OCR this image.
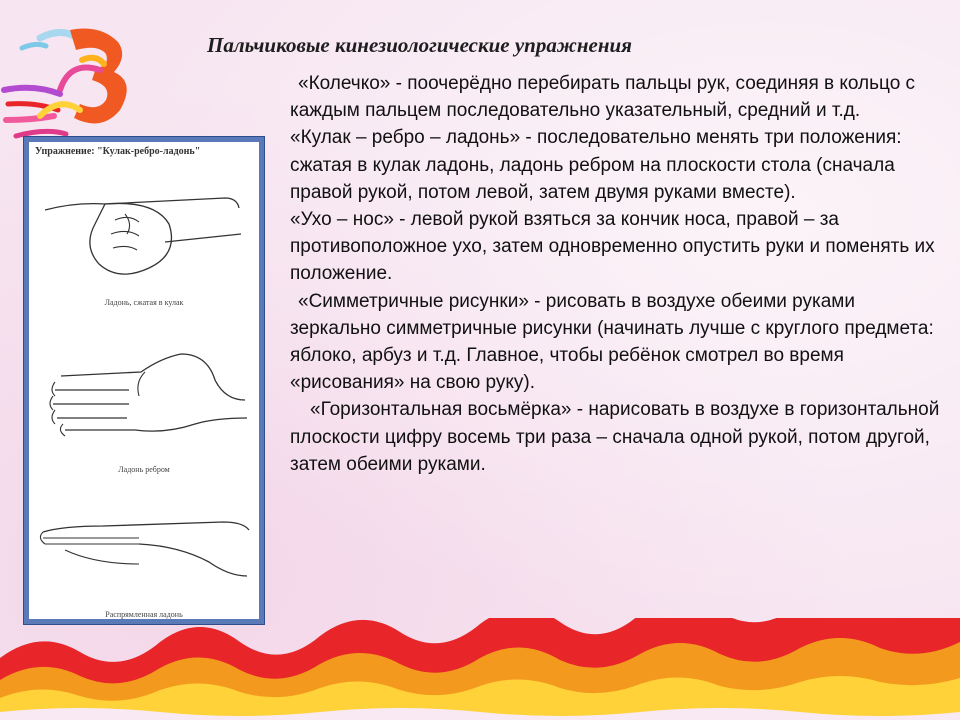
Пальчиковые кинезиологические упражнения
Упражнение: "Кулак-ребро-ладонь"
Ладонь, сжатая в кулак
Ладонь ребром
Распрямленная ладонь

«Колечко» - поочерёдно перебирать пальцы рук, соединяя в кольцо с каждым пальцем последовательно указательный, средний и т.д.

«Кулак – ребро – ладонь» - последовательно менять три положения: сжатая в кулак ладонь, ладонь ребром на плоскости стола (сначала правой рукой, потом левой, затем двумя руками вместе).

«Ухо – нос» - левой рукой взяться за кончик носа, правой – за противоположное ухо, затем одновременно опустить руки и поменять их положение.

«Симметричные рисунки» - рисовать в воздухе обеими руками зеркально симметричные рисунки (начинать лучше с круглого предмета: яблоко, арбуз и т.д. Главное, чтобы ребёнок смотрел во время «рисования» на свою руку).

«Горизонтальная восьмёрка» - нарисовать в воздухе в горизонтальной плоскости цифру восемь три раза – сначала одной рукой, потом другой, затем обеими руками.
